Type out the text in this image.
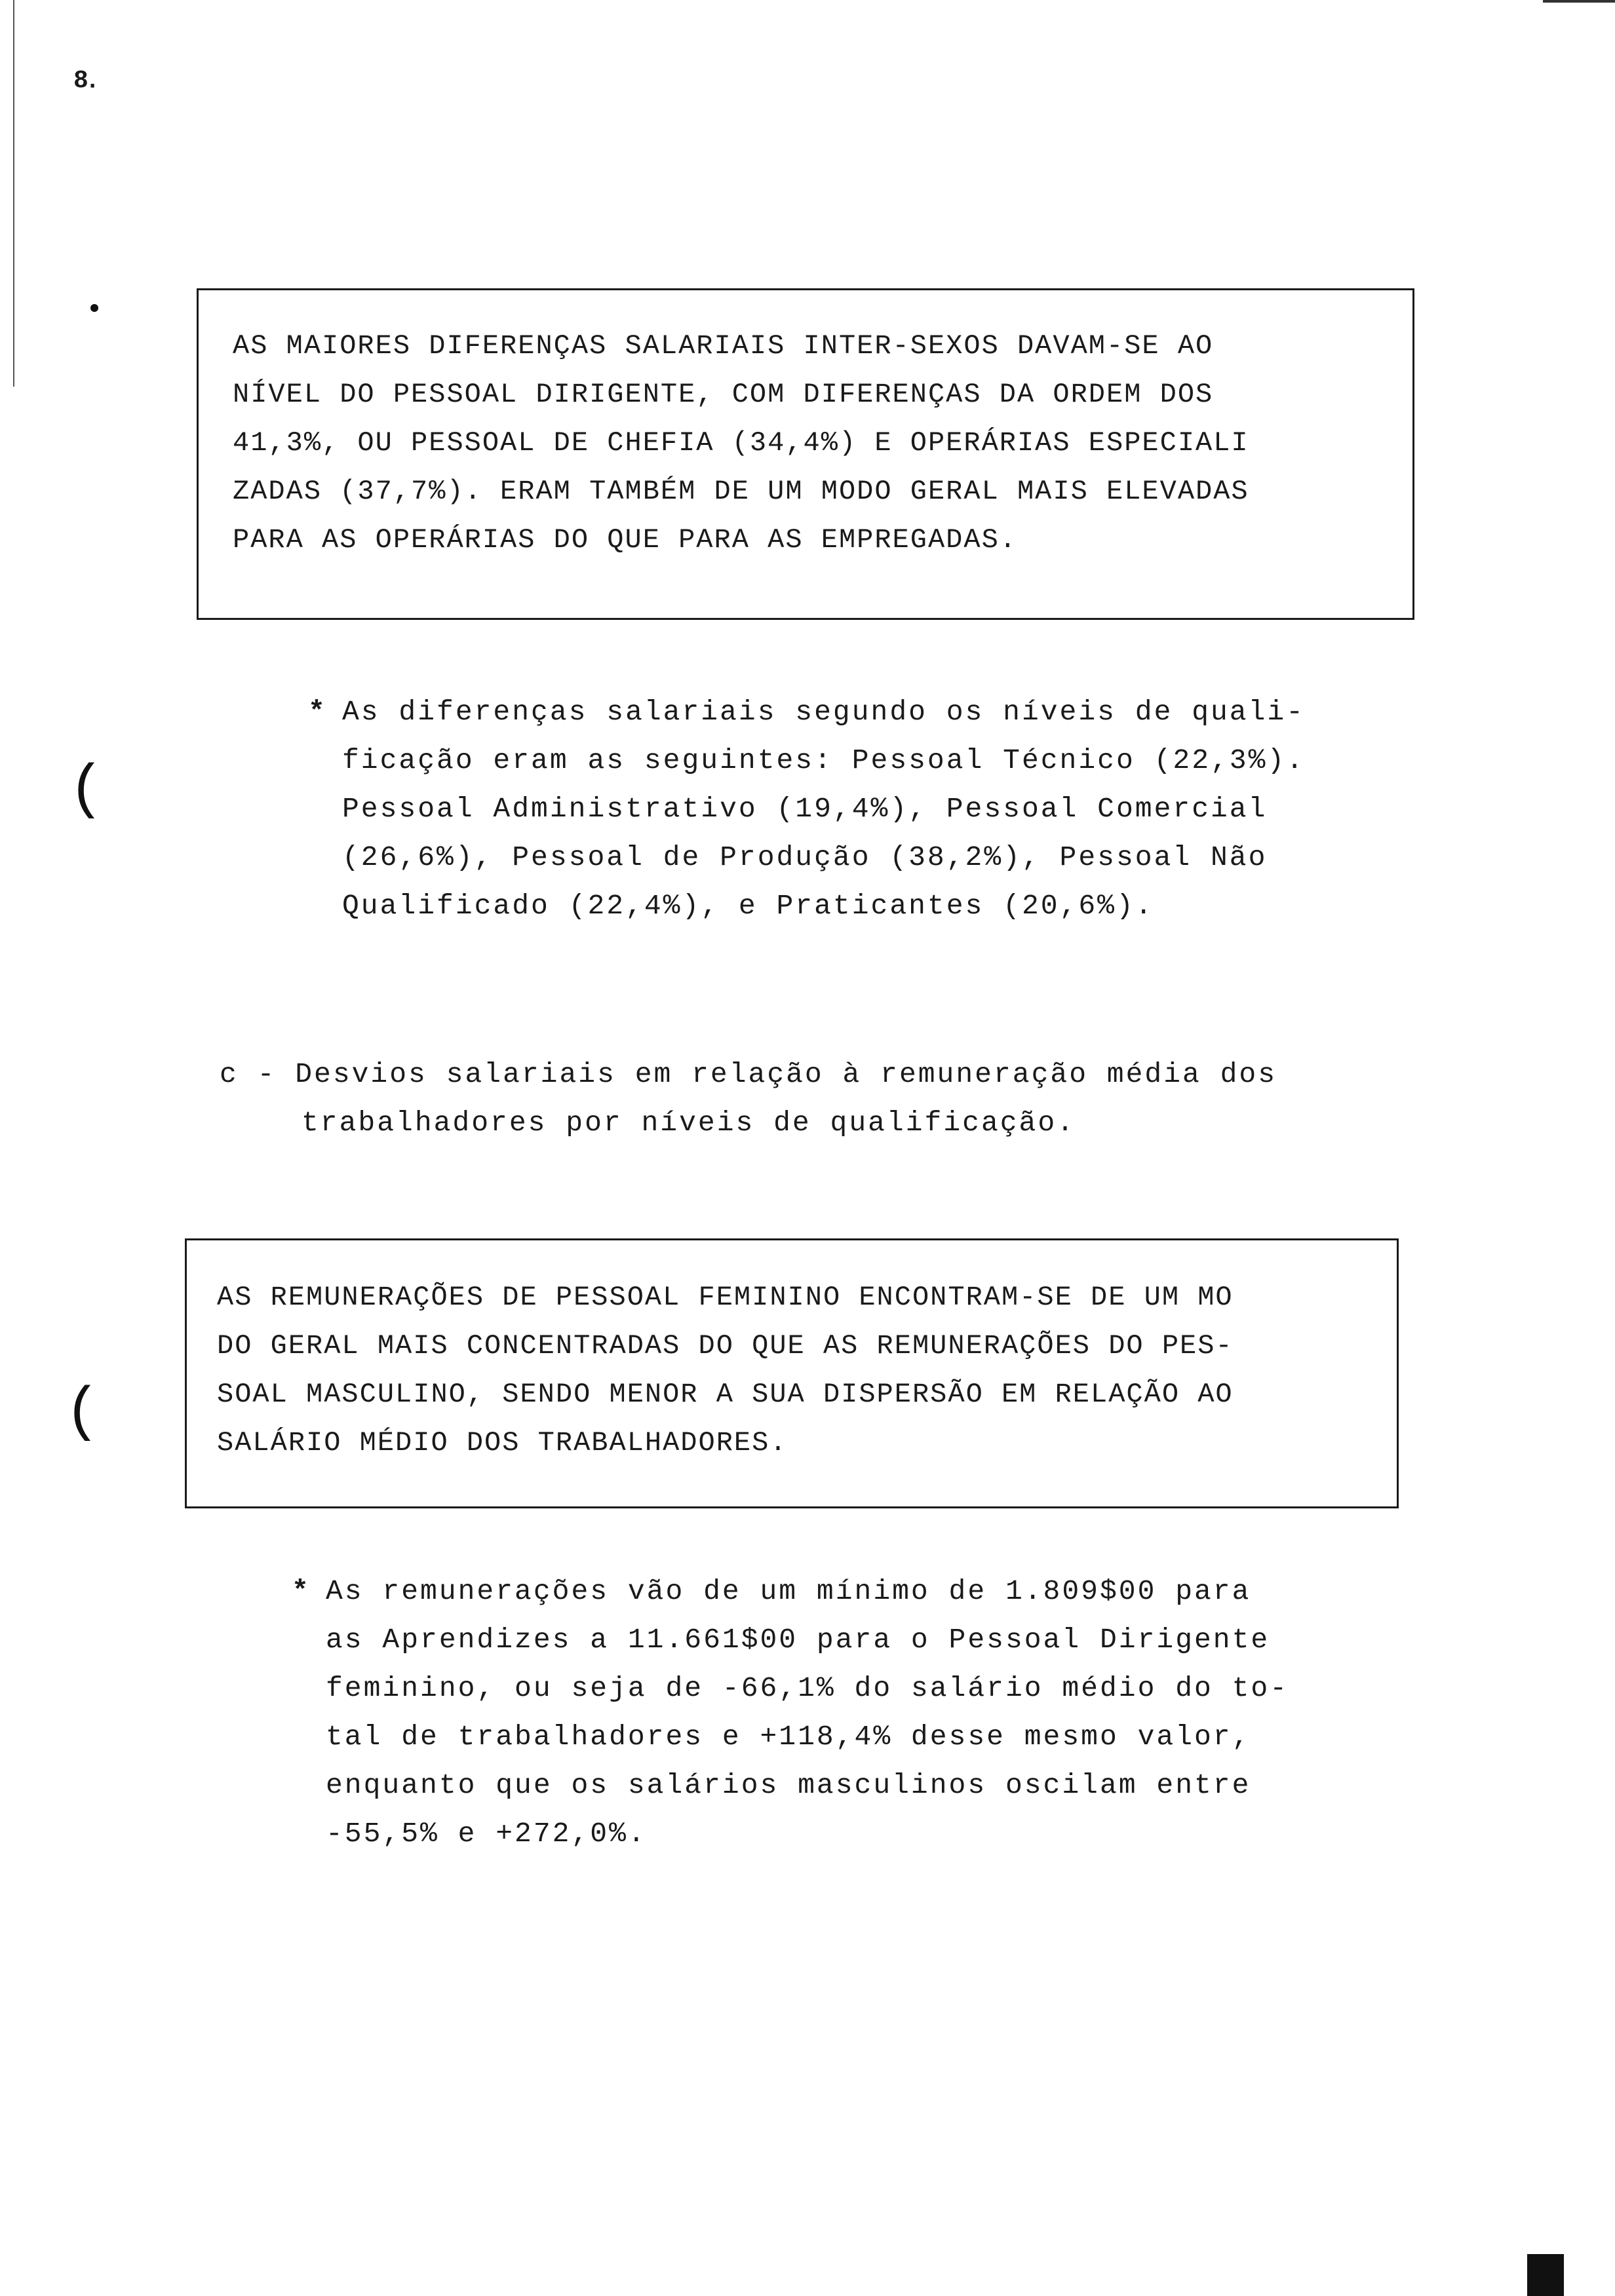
8․
AS MAIORES DIFERENÇAS SALARIAIS INTER-SEXOS DAVAM-SE AO
NÍVEL DO PESSOAL DIRIGENTE, COM DIFERENÇAS DA ORDEM DOS
41,3%, OU PESSOAL DE CHEFIA (34,4%) E OPERÁRIAS ESPECIALI
ZADAS (37,7%). ERAM TAMBÉM DE UM MODO GERAL MAIS ELEVADAS
PARA AS OPERÁRIAS DO QUE PARA AS EMPREGADAS.
* As diferenças salariais segundo os níveis de quali-
ficação eram as seguintes: Pessoal Técnico (22,3%).
Pessoal Administrativo (19,4%), Pessoal Comercial
(26,6%), Pessoal de Produção (38,2%), Pessoal Não
Qualificado (22,4%), e Praticantes (20,6%).
(
c - Desvios salariais em relação à remuneração média dos
trabalhadores por níveis de qualificação.
AS REMUNERAÇÕES DE PESSOAL FEMININO ENCONTRAM-SE DE UM MO
DO GERAL MAIS CONCENTRADAS DO QUE AS REMUNERAÇÕES DO PES-
SOAL MASCULINO, SENDO MENOR A SUA DISPERSÃO EM RELAÇÃO AO
SALÁRIO MÉDIO DOS TRABALHADORES.
(
* As remunerações vão de um mínimo de 1.809$00 para
as Aprendizes a 11.661$00 para o Pessoal Dirigente
feminino, ou seja de -66,1% do salário médio do to-
tal de trabalhadores e +118,4% desse mesmo valor,
enquanto que os salários masculinos oscilam entre
-55,5% e +272,0%.
